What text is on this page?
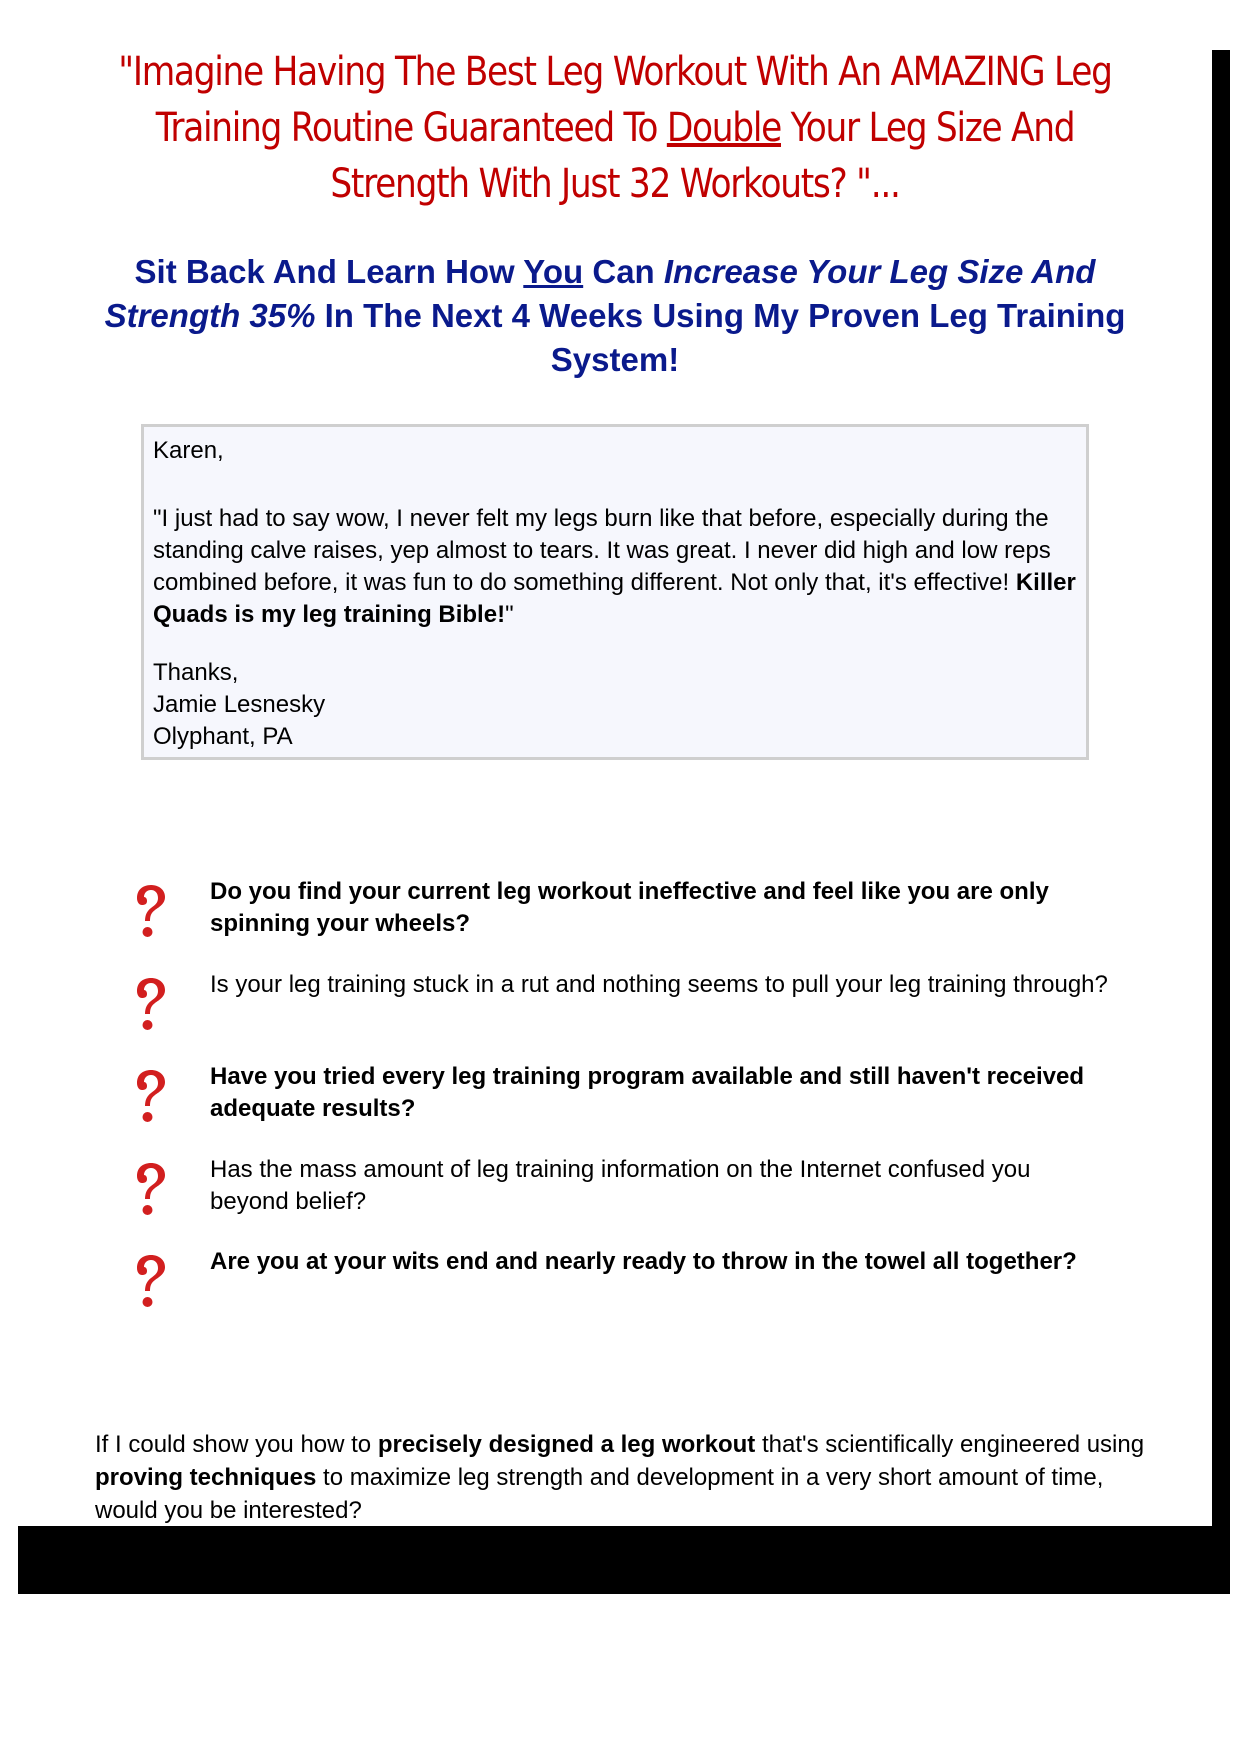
"Imagine Having The Best Leg Workout With An AMAZING Leg Training Routine Guaranteed To Double Your Leg Size And Strength With Just 32 Workouts? "...
Sit Back And Learn How You Can Increase Your Leg Size And Strength 35% In The Next 4 Weeks Using My Proven Leg Training System!

Karen,

"I just had to say wow, I never felt my legs burn like that before, especially during the standing calve raises, yep almost to tears. It was great. I never did high and low reps combined before, it was fun to do something different. Not only that, it's effective! Killer Quads is my leg training Bible!"

Thanks,

Jamie Lesnesky

Olyphant, PA

Do you find your current leg workout ineffective and feel like you are only spinning your wheels?
Is your leg training stuck in a rut and nothing seems to pull your leg training through?
Have you tried every leg training program available and still haven't received adequate results?
Has the mass amount of leg training information on the Internet confused you beyond belief?
Are you at your wits end and nearly ready to throw in the towel all together?

If I could show you how to precisely designed a leg workout that's scientifically engineered using proving techniques to maximize leg strength and development in a very short amount of time, would you be interested?
